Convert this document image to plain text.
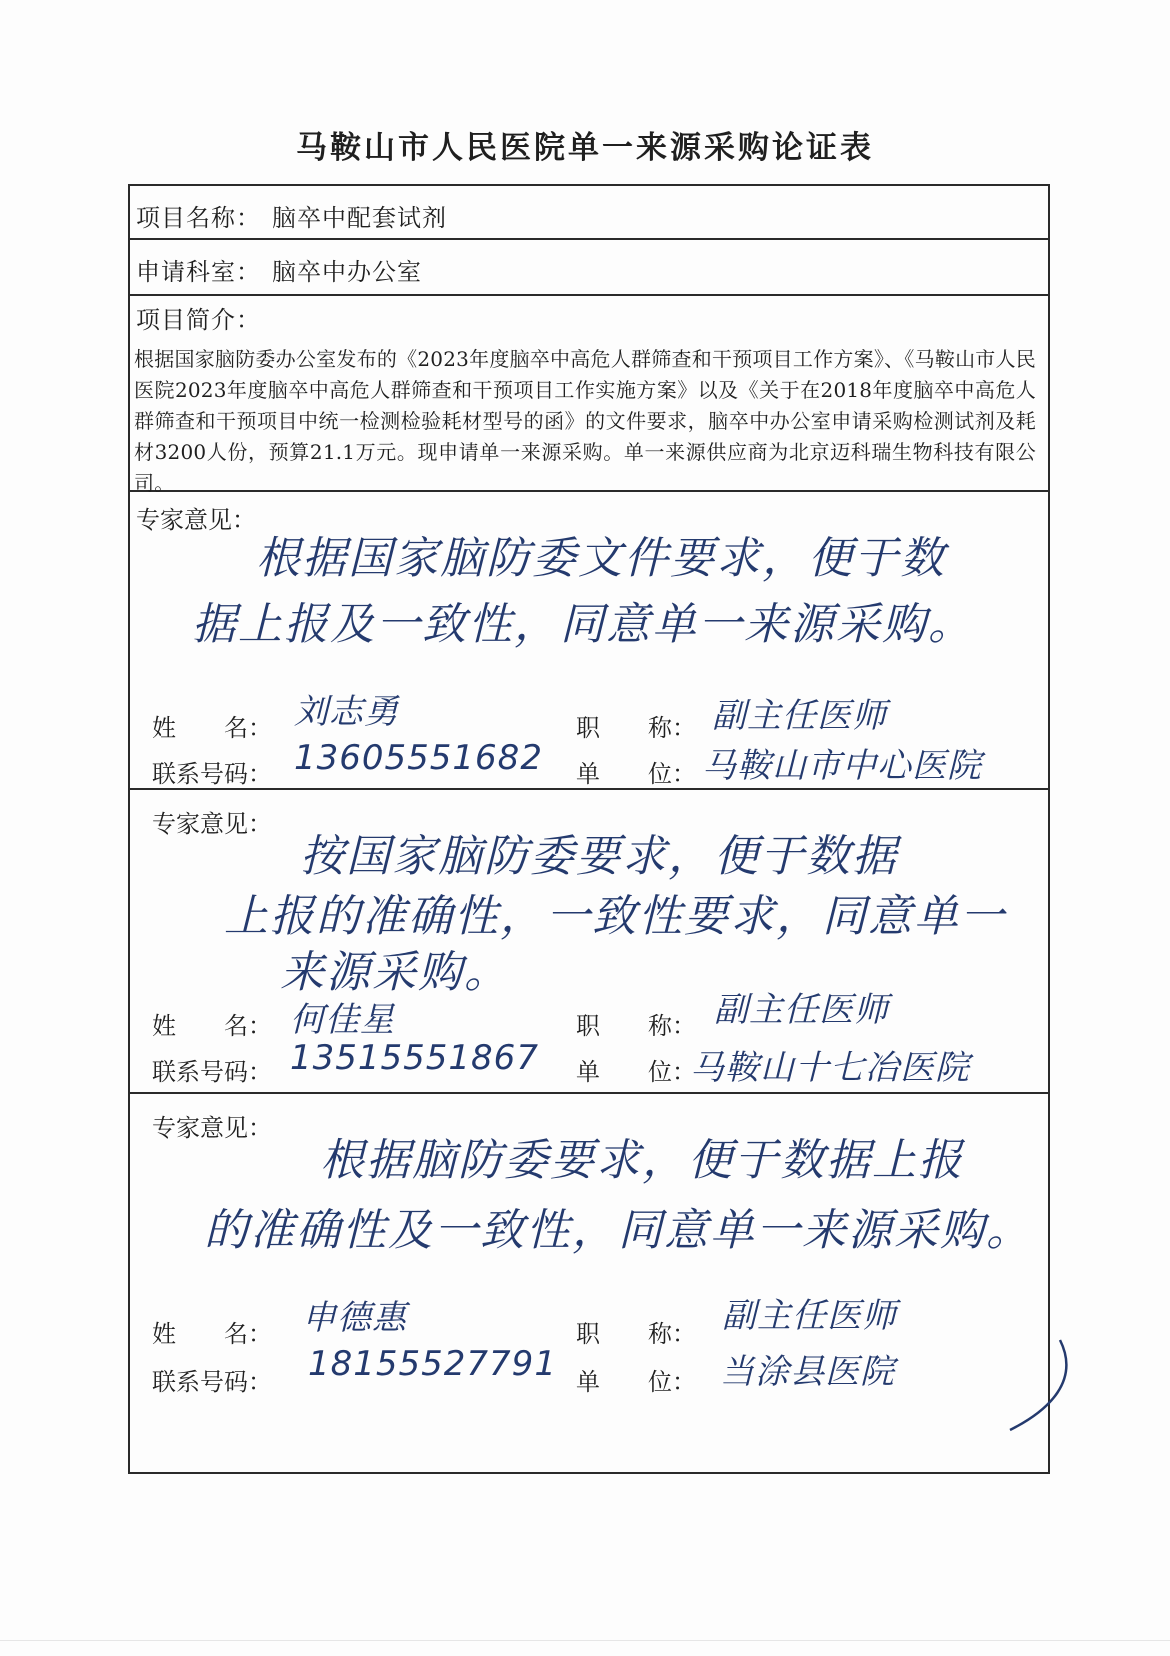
马鞍山市人民医院单一来源采购论证表
项目名称： 脑卒中配套试剂
申请科室： 脑卒中办公室
项目简介：
根据国家脑防委办公室发布的《2023年度脑卒中高危人群筛查和干预项目工作方案》、《马鞍山市人民医院2023年度脑卒中高危人群筛查和干预项目工作实施方案》以及《关于在2018年度脑卒中高危人群筛查和干预项目中统一检测检验耗材型号的函》的文件要求，脑卒中办公室申请采购检测试剂及耗材3200人份，预算21.1万元。现申请单一来源采购。单一来源供应商为北京迈科瑞生物科技有限公司。
专家意见：
根据国家脑防委文件要求，便于数
据上报及一致性，同意单一来源采购。
姓　　名： 刘志勇	职　　称： 副主任医师
联系号码： 13605551682 单　　位： 马鞍山市中心医院
专家意见：
按国家脑防委要求，便于数据
上报的准确性，一致性要求，同意单一
来源采购。
姓　　名： 何佳星	职　　称： 副主任医师
联系号码： 13515551867 单　　位：
马鞍山十七冶医院
专家意见：
根据脑防委要求，便于数据上报
的准确性及一致性，同意单一来源采购。
姓　　名： 申德惠	职　　称： 副主任医师
联系号码： 18155527791 单　　位： 当涂县医院
